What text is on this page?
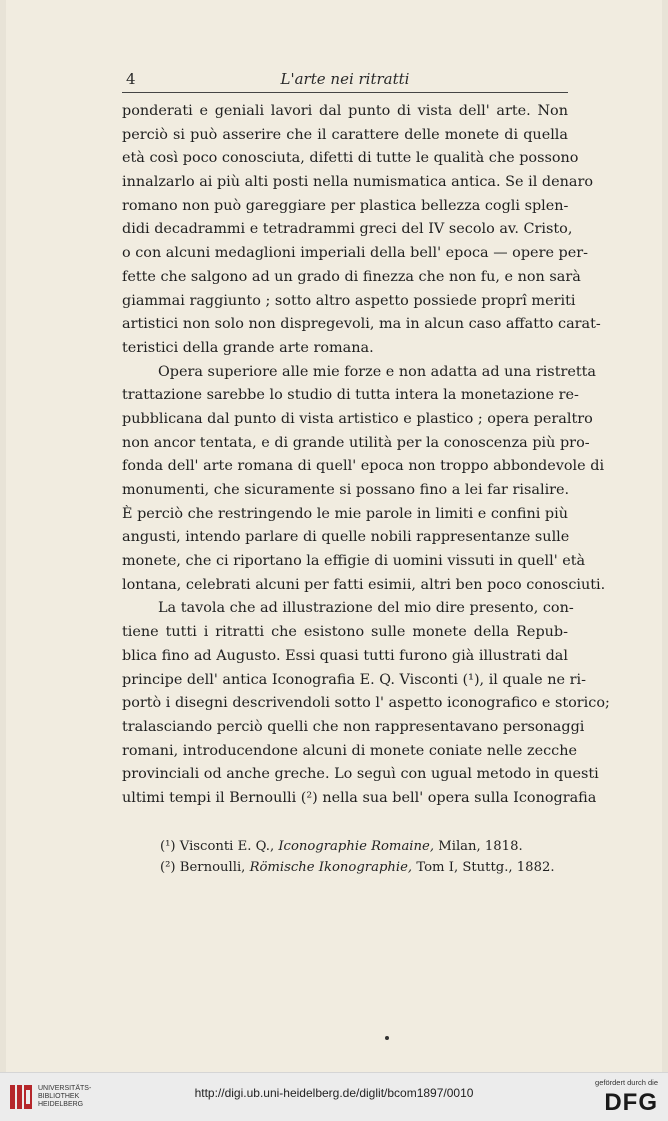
4	L'arte nei ritratti
ponderati e geniali lavori dal punto di vista dell' arte. Non
perciò si può asserire che il carattere delle monete di quella
età così poco conosciuta, difetti di tutte le qualità che possono
innalzarlo ai più alti posti nella numismatica antica. Se il denaro
romano non può gareggiare per plastica bellezza cogli splen-
didi decadrammi e tetradrammi greci del IV secolo av. Cristo,
o con alcuni medaglioni imperiali della bell' epoca — opere per-
fette che salgono ad un grado di finezza che non fu, e non sarà
giammai raggiunto ; sotto altro aspetto possiede proprî meriti
artistici non solo non dispregevoli, ma in alcun caso affatto carat-
teristici della grande arte romana.
Opera superiore alle mie forze e non adatta ad una ristretta
trattazione sarebbe lo studio di tutta intera la monetazione re-
pubblicana dal punto di vista artistico e plastico ; opera peraltro
non ancor tentata, e di grande utilità per la conoscenza più pro-
fonda dell' arte romana di quell' epoca non troppo abbondevole di
monumenti, che sicuramente si possano fino a lei far risalire.
È perciò che restringendo le mie parole in limiti e confini più
angusti, intendo parlare di quelle nobili rappresentanze sulle
monete, che ci riportano la effigie di uomini vissuti in quell' età
lontana, celebrati alcuni per fatti esimii, altri ben poco conosciuti.
La tavola che ad illustrazione del mio dire presento, con-
tiene tutti i ritratti che esistono sulle monete della Repub-
blica fino ad Augusto. Essi quasi tutti furono già illustrati dal
principe dell' antica Iconografia E. Q. Visconti (¹), il quale ne ri-
portò i disegni descrivendoli sotto l' aspetto iconografico e storico;
tralasciando perciò quelli che non rappresentavano personaggi
romani, introducendone alcuni di monete coniate nelle zecche
provinciali od anche greche. Lo seguì con ugual metodo in questi
ultimi tempi il Bernoulli (²) nella sua bell' opera sulla Iconografia
(¹) Visconti E. Q., Iconographie Romaine, Milan, 1818.
(²) Bernoulli, Römische Ikonographie, Tom I, Stuttg., 1882.
UNIVERSITÄTS-
BIBLIOTHEK
HEIDELBERG
http://digi.ub.uni-heidelberg.de/diglit/bcom1897/0010
gefördert durch die
DFG
